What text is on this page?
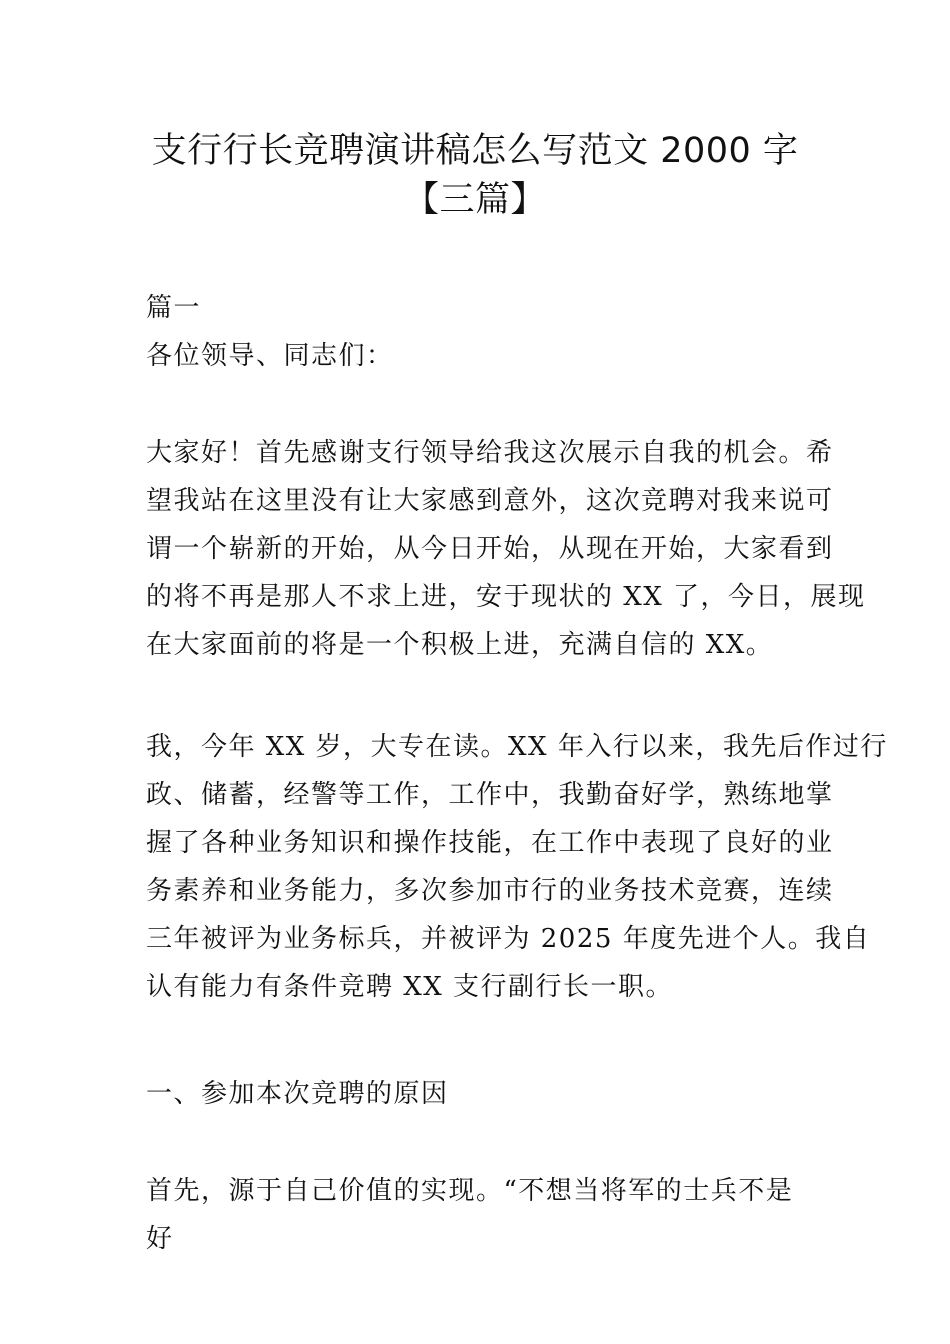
支行行长竞聘演讲稿怎么写范文 2000 字
【三篇】

篇一

各位领导、同志们：

大家好！首先感谢支行领导给我这次展示自我的机会。希
望我站在这里没有让大家感到意外，这次竞聘对我来说可
谓一个崭新的开始，从今日开始，从现在开始，大家看到
的将不再是那人不求上进，安于现状的 XX 了，今日，展现
在大家面前的将是一个积极上进，充满自信的 XX。
我，今年 XX 岁，大专在读。XX 年入行以来，我先后作过行
政、储蓄，经警等工作，工作中，我勤奋好学，熟练地掌
握了各种业务知识和操作技能，在工作中表现了良好的业
务素养和业务能力，多次参加市行的业务技术竞赛，连续
三年被评为业务标兵，并被评为 2025 年度先进个人。我自
认有能力有条件竞聘 XX 支行副行长一职。

一、参加本次竞聘的原因

首先，源于自己价值的实现。“不想当将军的士兵不是好
